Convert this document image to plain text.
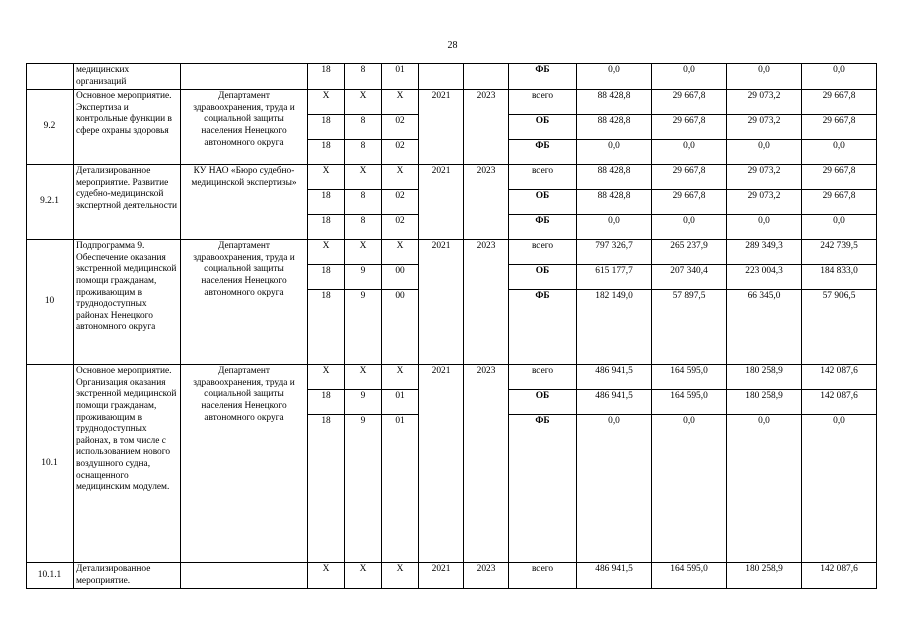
28
	медицинских организаций		18	8	01			ФБ	0,0	0,0	0,0	0,0
9.2	Основное мероприятие. Экспертиза и контрольные функции в сфере охраны здоровья	Департамент здравоохранения, труда и социальной защиты населения Ненецкого автономного округа	X	X	X	2021	2023	всего	88 428,8	29 667,8	29 073,2	29 667,8
			18	8	02			ОБ	88 428,8	29 667,8	29 073,2	29 667,8
			18	8	02			ФБ	0,0	0,0	0,0	0,0
9.2.1	Детализированное мероприятие. Развитие судебно-медицинской экспертной деятельности	КУ НАО «Бюро судебно-медицинской экспертизы»	X	X	X	2021	2023	всего	88 428,8	29 667,8	29 073,2	29 667,8
			18	8	02			ОБ	88 428,8	29 667,8	29 073,2	29 667,8
			18	8	02			ФБ	0,0	0,0	0,0	0,0
10	Подпрограмма 9. Обеспечение оказания экстренной медицинской помощи гражданам, проживающим в труднодоступных районах Ненецкого автономного округа	Департамент здравоохранения, труда и социальной защиты населения Ненецкого автономного округа	X	X	X	2021	2023	всего	797 326,7	265 237,9	289 349,3	242 739,5
			18	9	00			ОБ	615 177,7	207 340,4	223 004,3	184 833,0
			18	9	00			ФБ	182 149,0	57 897,5	66 345,0	57 906,5
10.1	Основное мероприятие. Организация оказания экстренной медицинской помощи гражданам, проживающим в труднодоступных районах, в том числе с использованием нового воздушного судна, оснащенного медицинским модулем.	Департамент здравоохранения, труда и социальной защиты населения Ненецкого автономного округа	X	X	X	2021	2023	всего	486 941,5	164 595,0	180 258,9	142 087,6
			18	9	01			ОБ	486 941,5	164 595,0	180 258,9	142 087,6
			18	9	01			ФБ	0,0	0,0	0,0	0,0
10.1.1	Детализированное мероприятие.		X	X	X	2021	2023	всего	486 941,5	164 595,0	180 258,9	142 087,6
